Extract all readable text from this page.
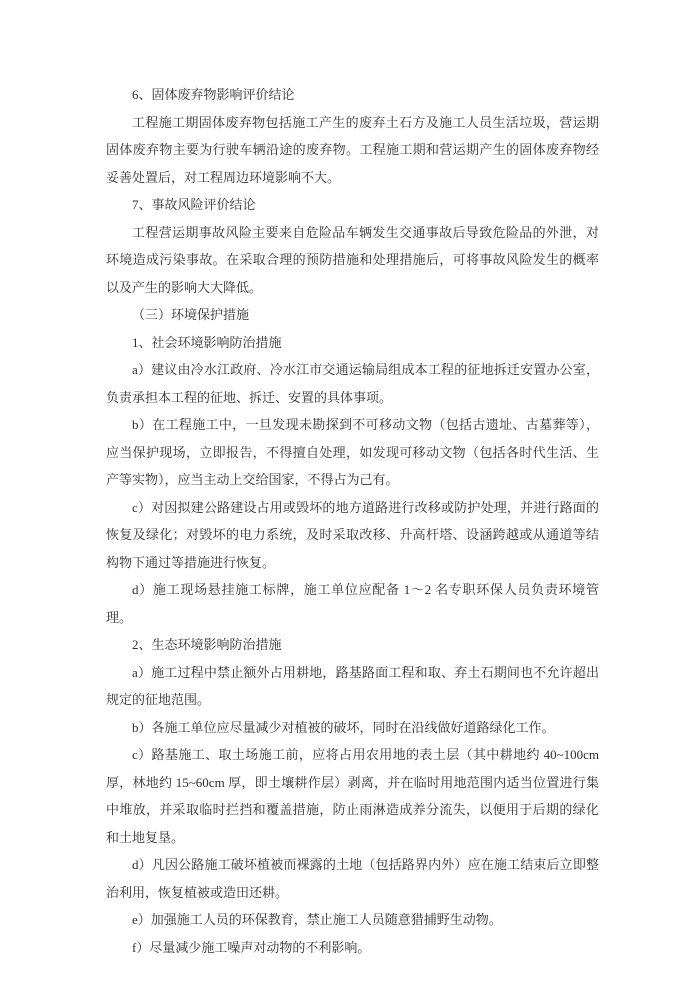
6、固体废弃物影响评价结论

工程施工期固体废弃物包括施工产生的废弃土石方及施工人员生活垃圾，营运期固体废弃物主要为行驶车辆沿途的废弃物。工程施工期和营运期产生的固体废弃物经妥善处置后，对工程周边环境影响不大。

7、事故风险评价结论

工程营运期事故风险主要来自危险品车辆发生交通事故后导致危险品的外泄，对环境造成污染事故。在采取合理的预防措施和处理措施后，可将事故风险发生的概率以及产生的影响大大降低。

（三）环境保护措施

1、社会环境影响防治措施

a）建议由冷水江政府、冷水江市交通运输局组成本工程的征地拆迁安置办公室，负责承担本工程的征地、拆迁、安置的具体事项。

b）在工程施工中，一旦发现未勘探到不可移动文物（包括古遗址、古墓葬等），应当保护现场，立即报告，不得擅自处理，如发现可移动文物（包括各时代生活、生产等实物），应当主动上交给国家，不得占为己有。

c）对因拟建公路建设占用或毁坏的地方道路进行改移或防护处理，并进行路面的恢复及绿化；对毁坏的电力系统，及时采取改移、升高杆塔、设涵跨越或从通道等结构物下通过等措施进行恢复。

d）施工现场悬挂施工标牌，施工单位应配备 1～2 名专职环保人员负责环境管理。

2、生态环境影响防治措施

a）施工过程中禁止额外占用耕地，路基路面工程和取、弃土石期间也不允许超出规定的征地范围。

b）各施工单位应尽量减少对植被的破坏，同时在沿线做好道路绿化工作。

c）路基施工、取土场施工前，应将占用农用地的表土层（其中耕地约 40~100cm 厚，林地约 15~60cm 厚，即土壤耕作层）剥离，并在临时用地范围内适当位置进行集中堆放，并采取临时拦挡和覆盖措施，防止雨淋造成养分流失，以便用于后期的绿化和土地复垦。

d）凡因公路施工破坏植被而裸露的土地（包括路界内外）应在施工结束后立即整治利用，恢复植被或造田还耕。

e）加强施工人员的环保教育，禁止施工人员随意猎捕野生动物。

f）尽量减少施工噪声对动物的不利影响。
